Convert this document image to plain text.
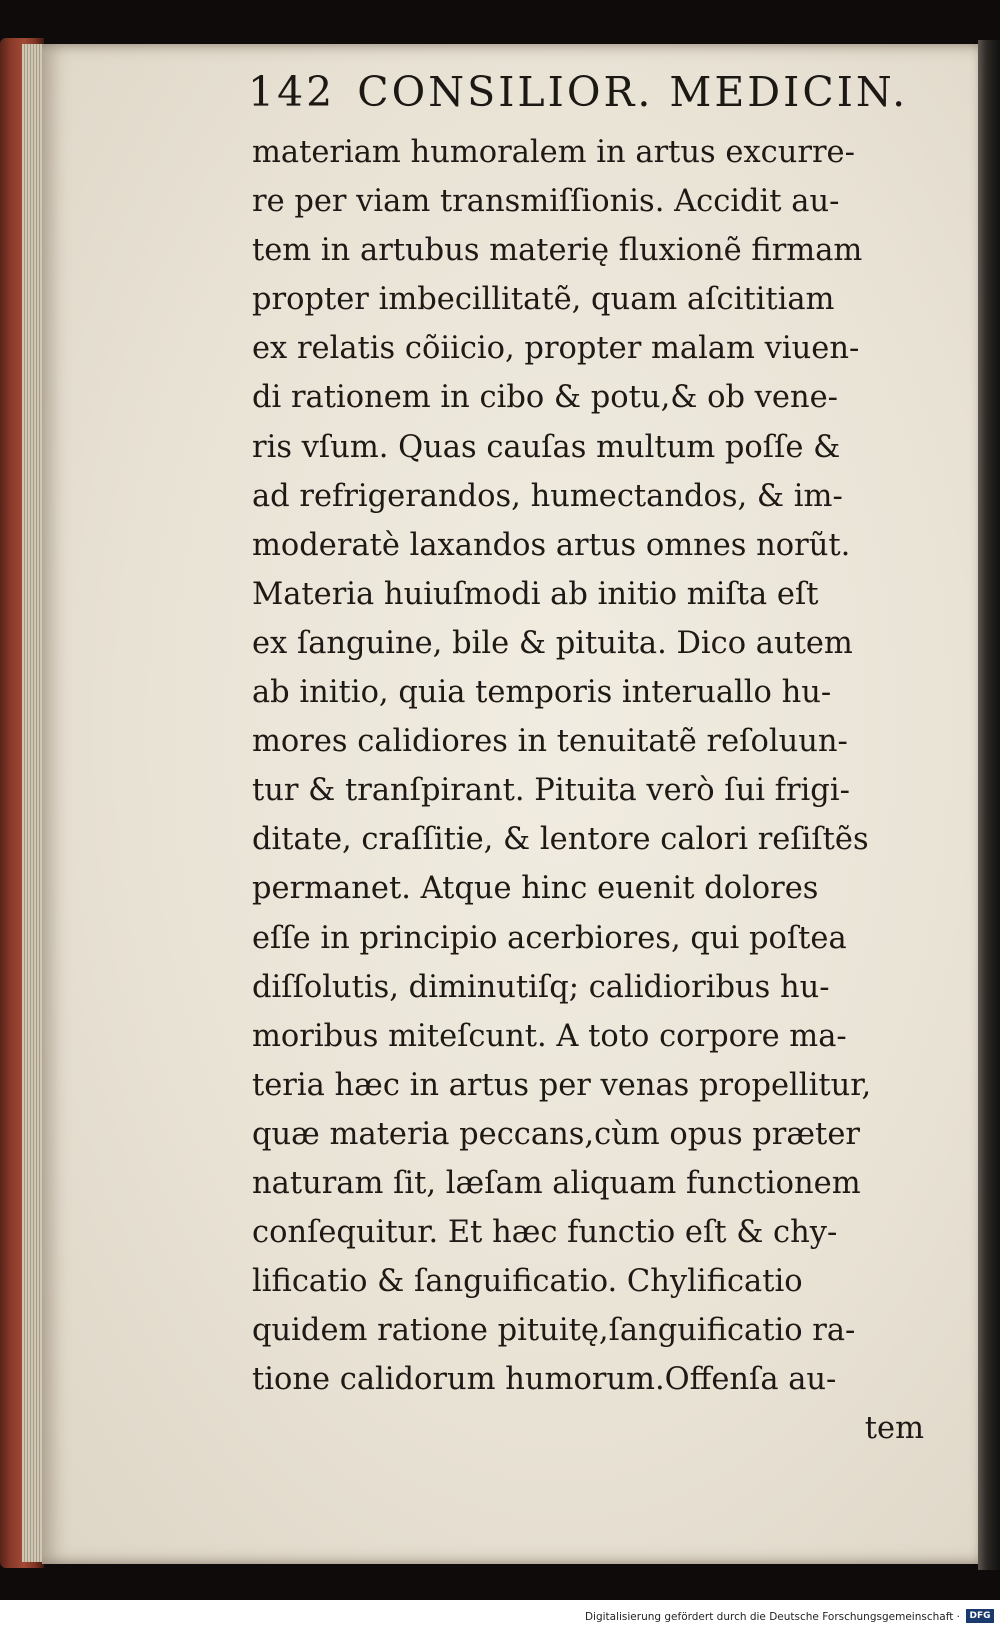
142 CONSILIOR. MEDICIN.
materiam humoralem in artus excurre-
re per viam transmiſſionis. Accidit au-
tem in artubus materię fluxionẽ firmam
propter imbecillitatẽ, quam aſcititiam
ex relatis cõiicio, propter malam viuen-
di rationem in cibo & potu,& ob vene-
ris vſum. Quas cauſas multum poſſe &
ad refrigerandos, humectandos, & im-
moderatè laxandos artus omnes norũt.
Materia huiuſmodi ab initio miſta eſt
ex ſanguine, bile & pituita. Dico autem
ab initio, quia temporis interuallo hu-
mores calidiores in tenuitatẽ reſoluun-
tur & tranſpirant. Pituita verò ſui frigi-
ditate, craſſitie, & lentore calori reſiſtẽs
permanet. Atque hinc euenit dolores
eſſe in principio acerbiores, qui poſtea
diſſolutis, diminutiſq; calidioribus hu-
moribus miteſcunt. A toto corpore ma-
teria hæc in artus per venas propellitur,
quæ materia peccans,cùm opus præter
naturam ſit, læſam aliquam functionem
conſequitur. Et hæc functio eſt & chy-
lificatio & ſanguificatio. Chylificatio
quidem ratione pituitę,ſanguificatio ra-
tione calidorum humorum.Offenſa au-
tem
Digitalisierung gefördert durch die Deutsche Forschungsgemeinschaft ·	DFG
